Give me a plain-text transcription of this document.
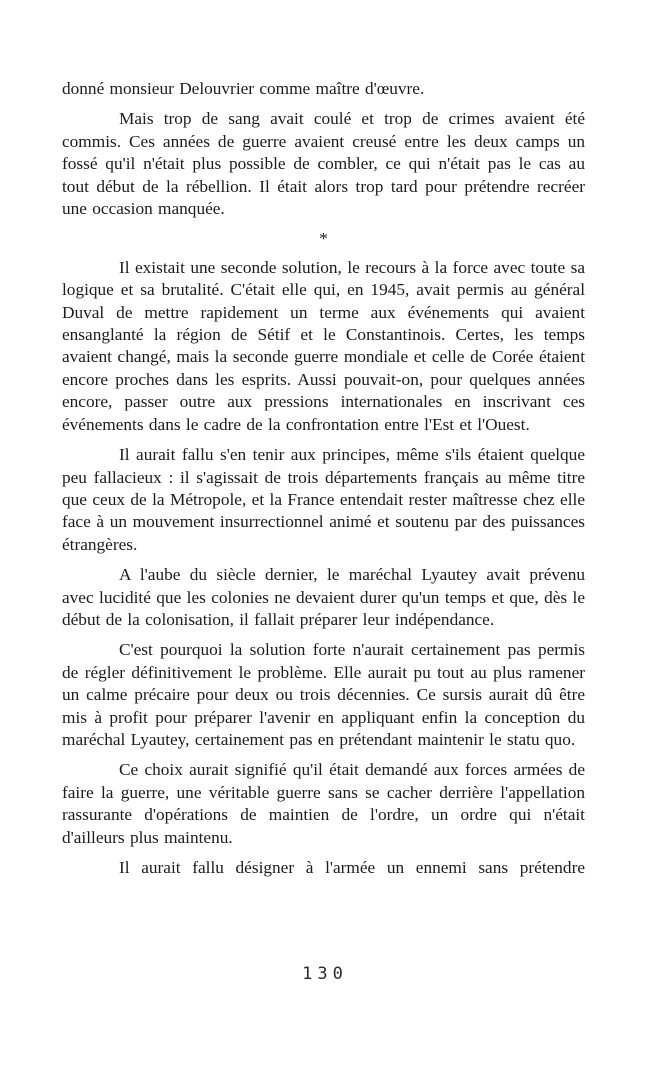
donné monsieur Delouvrier comme maître d'œuvre.

Mais trop de sang avait coulé et trop de crimes avaient été commis. Ces années de guerre avaient creusé entre les deux camps un fossé qu'il n'était plus possible de combler, ce qui n'était pas le cas au tout début de la rébellion. Il était alors trop tard pour prétendre recréer une occasion manquée.

*

Il existait une seconde solution, le recours à la force avec toute sa logique et sa brutalité. C'était elle qui, en 1945, avait permis au général Duval de mettre rapidement un terme aux événements qui avaient ensanglanté la région de Sétif et le Constantinois. Certes, les temps avaient changé, mais la seconde guerre mondiale et celle de Corée étaient encore proches dans les esprits. Aussi pouvait-on, pour quelques années encore, passer outre aux pressions internationales en inscrivant ces événements dans le cadre de la confrontation entre l'Est et l'Ouest.

Il aurait fallu s'en tenir aux principes, même s'ils étaient quelque peu fallacieux : il s'agissait de trois départements français au même titre que ceux de la Métropole, et la France entendait rester maîtresse chez elle face à un mouvement insurrectionnel animé et soutenu par des puissances étrangères.

A l'aube du siècle dernier, le maréchal Lyautey avait prévenu avec lucidité que les colonies ne devaient durer qu'un temps et que, dès le début de la colonisation, il fallait préparer leur indépendance.

C'est pourquoi la solution forte n'aurait certainement pas permis de régler définitivement le problème. Elle aurait pu tout au plus ramener un calme précaire pour deux ou trois décennies. Ce sursis aurait dû être mis à profit pour préparer l'avenir en appliquant enfin la conception du maréchal Lyautey, certainement pas en prétendant maintenir le statu quo.

Ce choix aurait signifié qu'il était demandé aux forces armées de faire la guerre, une véritable guerre sans se cacher derrière l'appellation rassurante d'opérations de maintien de l'ordre, un ordre qui n'était d'ailleurs plus maintenu.

Il aurait fallu désigner à l'armée un ennemi sans prétendre

130
